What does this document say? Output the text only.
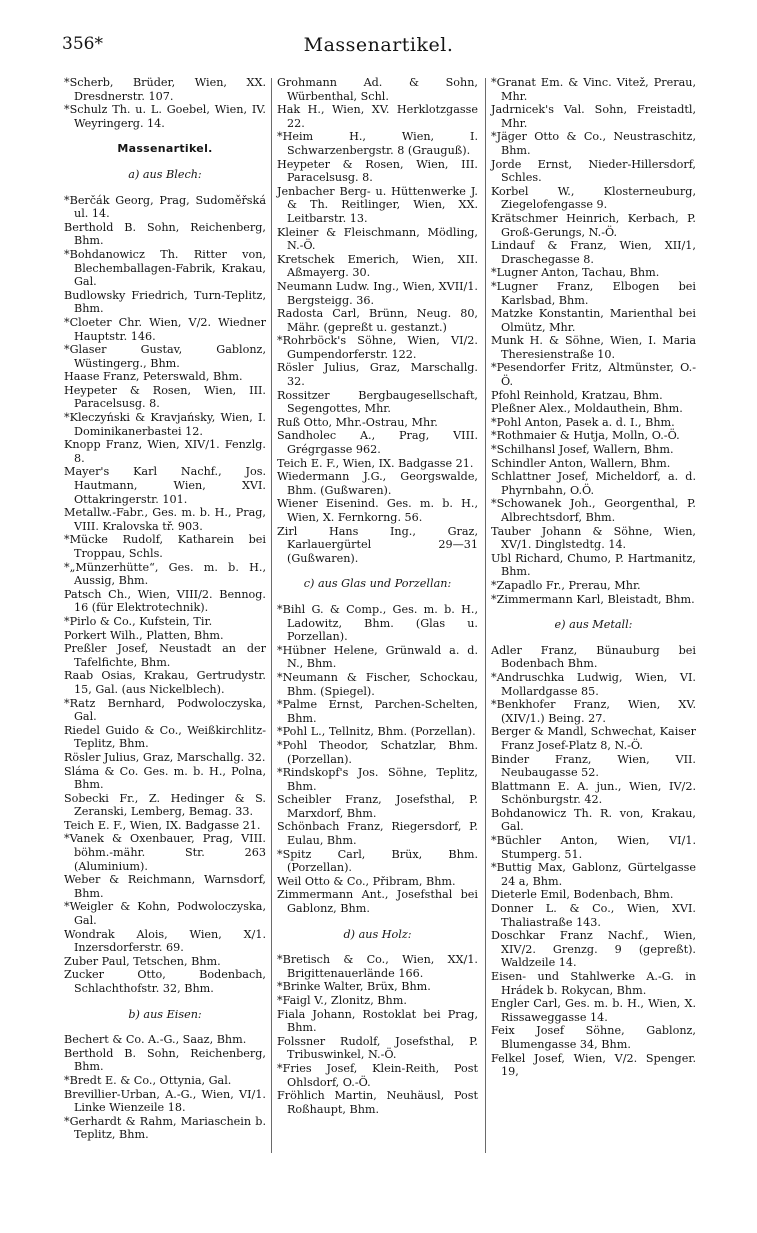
356*	Massenartikel.
*Scherb, Brüder, Wien, XX. Dresdnerstr. 107.
*Schulz Th. u. L. Goebel, Wien, IV. Weyringerg. 14.
Massenartikel.
a) aus Blech:
*Berčák Georg, Prag, Sudoměřská ul. 14.
Berthold B. Sohn, Reichenberg, Bhm.
*Bohdanowicz Th. Ritter von, Blechemballagen-Fabrik, Krakau, Gal.
Budlowsky Friedrich, Turn-Teplitz, Bhm.
*Cloeter Chr. Wien, V/2. Wiedner Hauptstr. 146.
*Glaser Gustav, Gablonz, Wüstingerg., Bhm.
Haase Franz, Peterswald, Bhm.
Heypeter & Rosen, Wien, III. Paracelsusg. 8.
*Kleczyński & Kravjańsky, Wien, I. Dominikanerbastei 12.
Knopp Franz, Wien, XIV/1. Fenzlg. 8.
Mayer's Karl Nachf., Jos. Hautmann, Wien, XVI. Ottakringerstr. 101.
Metallw.-Fabr., Ges. m. b. H., Prag, VIII. Kralovska tř. 903.
*Mücke Rudolf, Katharein bei Troppau, Schls.
*„Münzerhütte“, Ges. m. b. H., Aussig, Bhm.
Patsch Ch., Wien, VIII/2. Bennog. 16 (für Elektrotechnik).
*Pirlo & Co., Kufstein, Tir.
Porkert Wilh., Platten, Bhm.
Preßler Josef, Neustadt an der Tafelfichte, Bhm.
Raab Osias, Krakau, Gertrudystr. 15, Gal. (aus Nickelblech).
*Ratz Bernhard, Podwoloczyska, Gal.
Riedel Guido & Co., Weißkirchlitz-Teplitz, Bhm.
Rösler Julius, Graz, Marschallg. 32.
Sláma & Co. Ges. m. b. H., Polna, Bhm.
Sobecki Fr., Z. Hedinger & S. Zeranski, Lemberg, Bemag. 33.
Teich E. F., Wien, IX. Badgasse 21.
*Vanek & Oxenbauer, Prag, VIII. böhm.-mähr. Str. 263 (Aluminium).
Weber & Reichmann, Warnsdorf, Bhm.
*Weigler & Kohn, Podwoloczyska, Gal.
Wondrak Alois, Wien, X/1. Inzersdorferstr. 69.
Zuber Paul, Tetschen, Bhm.
Zucker Otto, Bodenbach, Schlachthofstr. 32, Bhm.
b) aus Eisen:
Bechert & Co. A.-G., Saaz, Bhm.
Berthold B. Sohn, Reichenberg, Bhm.
*Bredt E. & Co., Ottynia, Gal.
Brevillier-Urban, A.-G., Wien, VI/1. Linke Wienzeile 18.
*Gerhardt & Rahm, Mariaschein b. Teplitz, Bhm.
Grohmann Ad. & Sohn, Würbenthal, Schl.
Hak H., Wien, XV. Herklotzgasse 22.
*Heim H., Wien, I. Schwarzenbergstr. 8 (Grauguß).
Heypeter & Rosen, Wien, III. Paracelsusg. 8.
Jenbacher Berg- u. Hüttenwerke J. & Th. Reitlinger, Wien, XX. Leitbarstr. 13.
Kleiner & Fleischmann, Mödling, N.-Ö.
Kretschek Emerich, Wien, XII. Aßmayerg. 30.
Neumann Ludw. Ing., Wien, XVII/1. Bergsteigg. 36.
Radosta Carl, Brünn, Neug. 80, Mähr. (gepreßt u. gestanzt.)
*Rohrböck's Söhne, Wien, VI/2. Gumpendorferstr. 122.
Rösler Julius, Graz, Marschallg. 32.
Rossitzer Bergbaugesellschaft, Segengottes, Mhr.
Ruß Otto, Mhr.-Ostrau, Mhr.
Sandholec A., Prag, VIII. Grégrgasse 962.
Teich E. F., Wien, IX. Badgasse 21.
Wiedermann J.G., Georgswalde, Bhm. (Gußwaren).
Wiener Eisenind. Ges. m. b. H., Wien, X. Fernkorng. 56.
Zirl Hans Ing., Graz, Karlauergürtel 29—31 (Gußwaren).
c) aus Glas und Porzellan:
*Bihl G. & Comp., Ges. m. b. H., Ladowitz, Bhm. (Glas u. Porzellan).
*Hübner Helene, Grünwald a. d. N., Bhm.
*Neumann & Fischer, Schockau, Bhm. (Spiegel).
*Palme Ernst, Parchen-Schelten, Bhm.
*Pohl L., Tellnitz, Bhm. (Porzellan).
*Pohl Theodor, Schatzlar, Bhm. (Porzellan).
*Rindskopf's Jos. Söhne, Teplitz, Bhm.
Scheibler Franz, Josefsthal, P. Marxdorf, Bhm.
Schönbach Franz, Riegersdorf, P. Eulau, Bhm.
*Spitz Carl, Brüx, Bhm. (Porzellan).
Weil Otto & Co., Přibram, Bhm.
Zimmermann Ant., Josefsthal bei Gablonz, Bhm.
d) aus Holz:
*Bretisch & Co., Wien, XX/1. Brigittenauerlände 166.
*Brinke Walter, Brüx, Bhm.
*Faigl V., Zlonitz, Bhm.
Fiala Johann, Rostoklat bei Prag, Bhm.
Folssner Rudolf, Josefsthal, P. Tribuswinkel, N.-Ö.
*Fries Josef, Klein-Reith, Post Ohlsdorf, O.-Ö.
Fröhlich Martin, Neuhäusl, Post Roßhaupt, Bhm.
*Granat Em. & Vinc. Vitež, Prerau, Mhr.
Jadrnicek's Val. Sohn, Freistadtl, Mhr.
*Jäger Otto & Co., Neustraschitz, Bhm.
Jorde Ernst, Nieder-Hillersdorf, Schles.
Korbel W., Klosterneuburg, Ziegelofengasse 9.
Krätschmer Heinrich, Kerbach, P. Groß-Gerungs, N.-Ö.
Lindauf & Franz, Wien, XII/1, Draschegasse 8.
*Lugner Anton, Tachau, Bhm.
*Lugner Franz, Elbogen bei Karlsbad, Bhm.
Matzke Konstantin, Marienthal bei Olmütz, Mhr.
Munk H. & Söhne, Wien, I. Maria Theresienstraße 10.
*Pesendorfer Fritz, Altmünster, O.-Ö.
Pfohl Reinhold, Kratzau, Bhm.
Pleßner Alex., Moldauthein, Bhm.
*Pohl Anton, Pasek a. d. I., Bhm.
*Rothmaier & Hutja, Molln, O.-Ö.
*Schilhansl Josef, Wallern, Bhm.
Schindler Anton, Wallern, Bhm.
Schlattner Josef, Micheldorf, a. d. Phyrnbahn, O.Ö.
*Schowanek Joh., Georgenthal, P. Albrechtsdorf, Bhm.
Tauber Johann & Söhne, Wien, XV/1. Dinglstedtg. 14.
Ubl Richard, Chumo, P. Hartmanitz, Bhm.
*Zapadlo Fr., Prerau, Mhr.
*Zimmermann Karl, Bleistadt, Bhm.
e) aus Metall:
Adler Franz, Bünauburg bei Bodenbach Bhm.
*Andruschka Ludwig, Wien, VI. Mollardgasse 85.
*Benkhofer Franz, Wien, XV. (XIV/1.) Being. 27.
Berger & Mandl, Schwechat, Kaiser Franz Josef-Platz 8, N.-Ö.
Binder Franz, Wien, VII. Neubaugasse 52.
Blattmann E. A. jun., Wien, IV/2. Schönburgstr. 42.
Bohdanowicz Th. R. von, Krakau, Gal.
*Büchler Anton, Wien, VI/1. Stumperg. 51.
*Buttig Max, Gablonz, Gürtelgasse 24 a, Bhm.
Dieterle Emil, Bodenbach, Bhm.
Donner L. & Co., Wien, XVI. Thaliastraße 143.
Doschkar Franz Nachf., Wien, XIV/2. Grenzg. 9 (gepreßt). Waldzeile 14.
Eisen- und Stahlwerke A.-G. in Hrádek b. Rokycan, Bhm.
Engler Carl, Ges. m. b. H., Wien, X. Rissaweggasse 14.
Feix Josef Söhne, Gablonz, Blumengasse 34, Bhm.
Felkel Josef, Wien, V/2. Spenger. 19,
